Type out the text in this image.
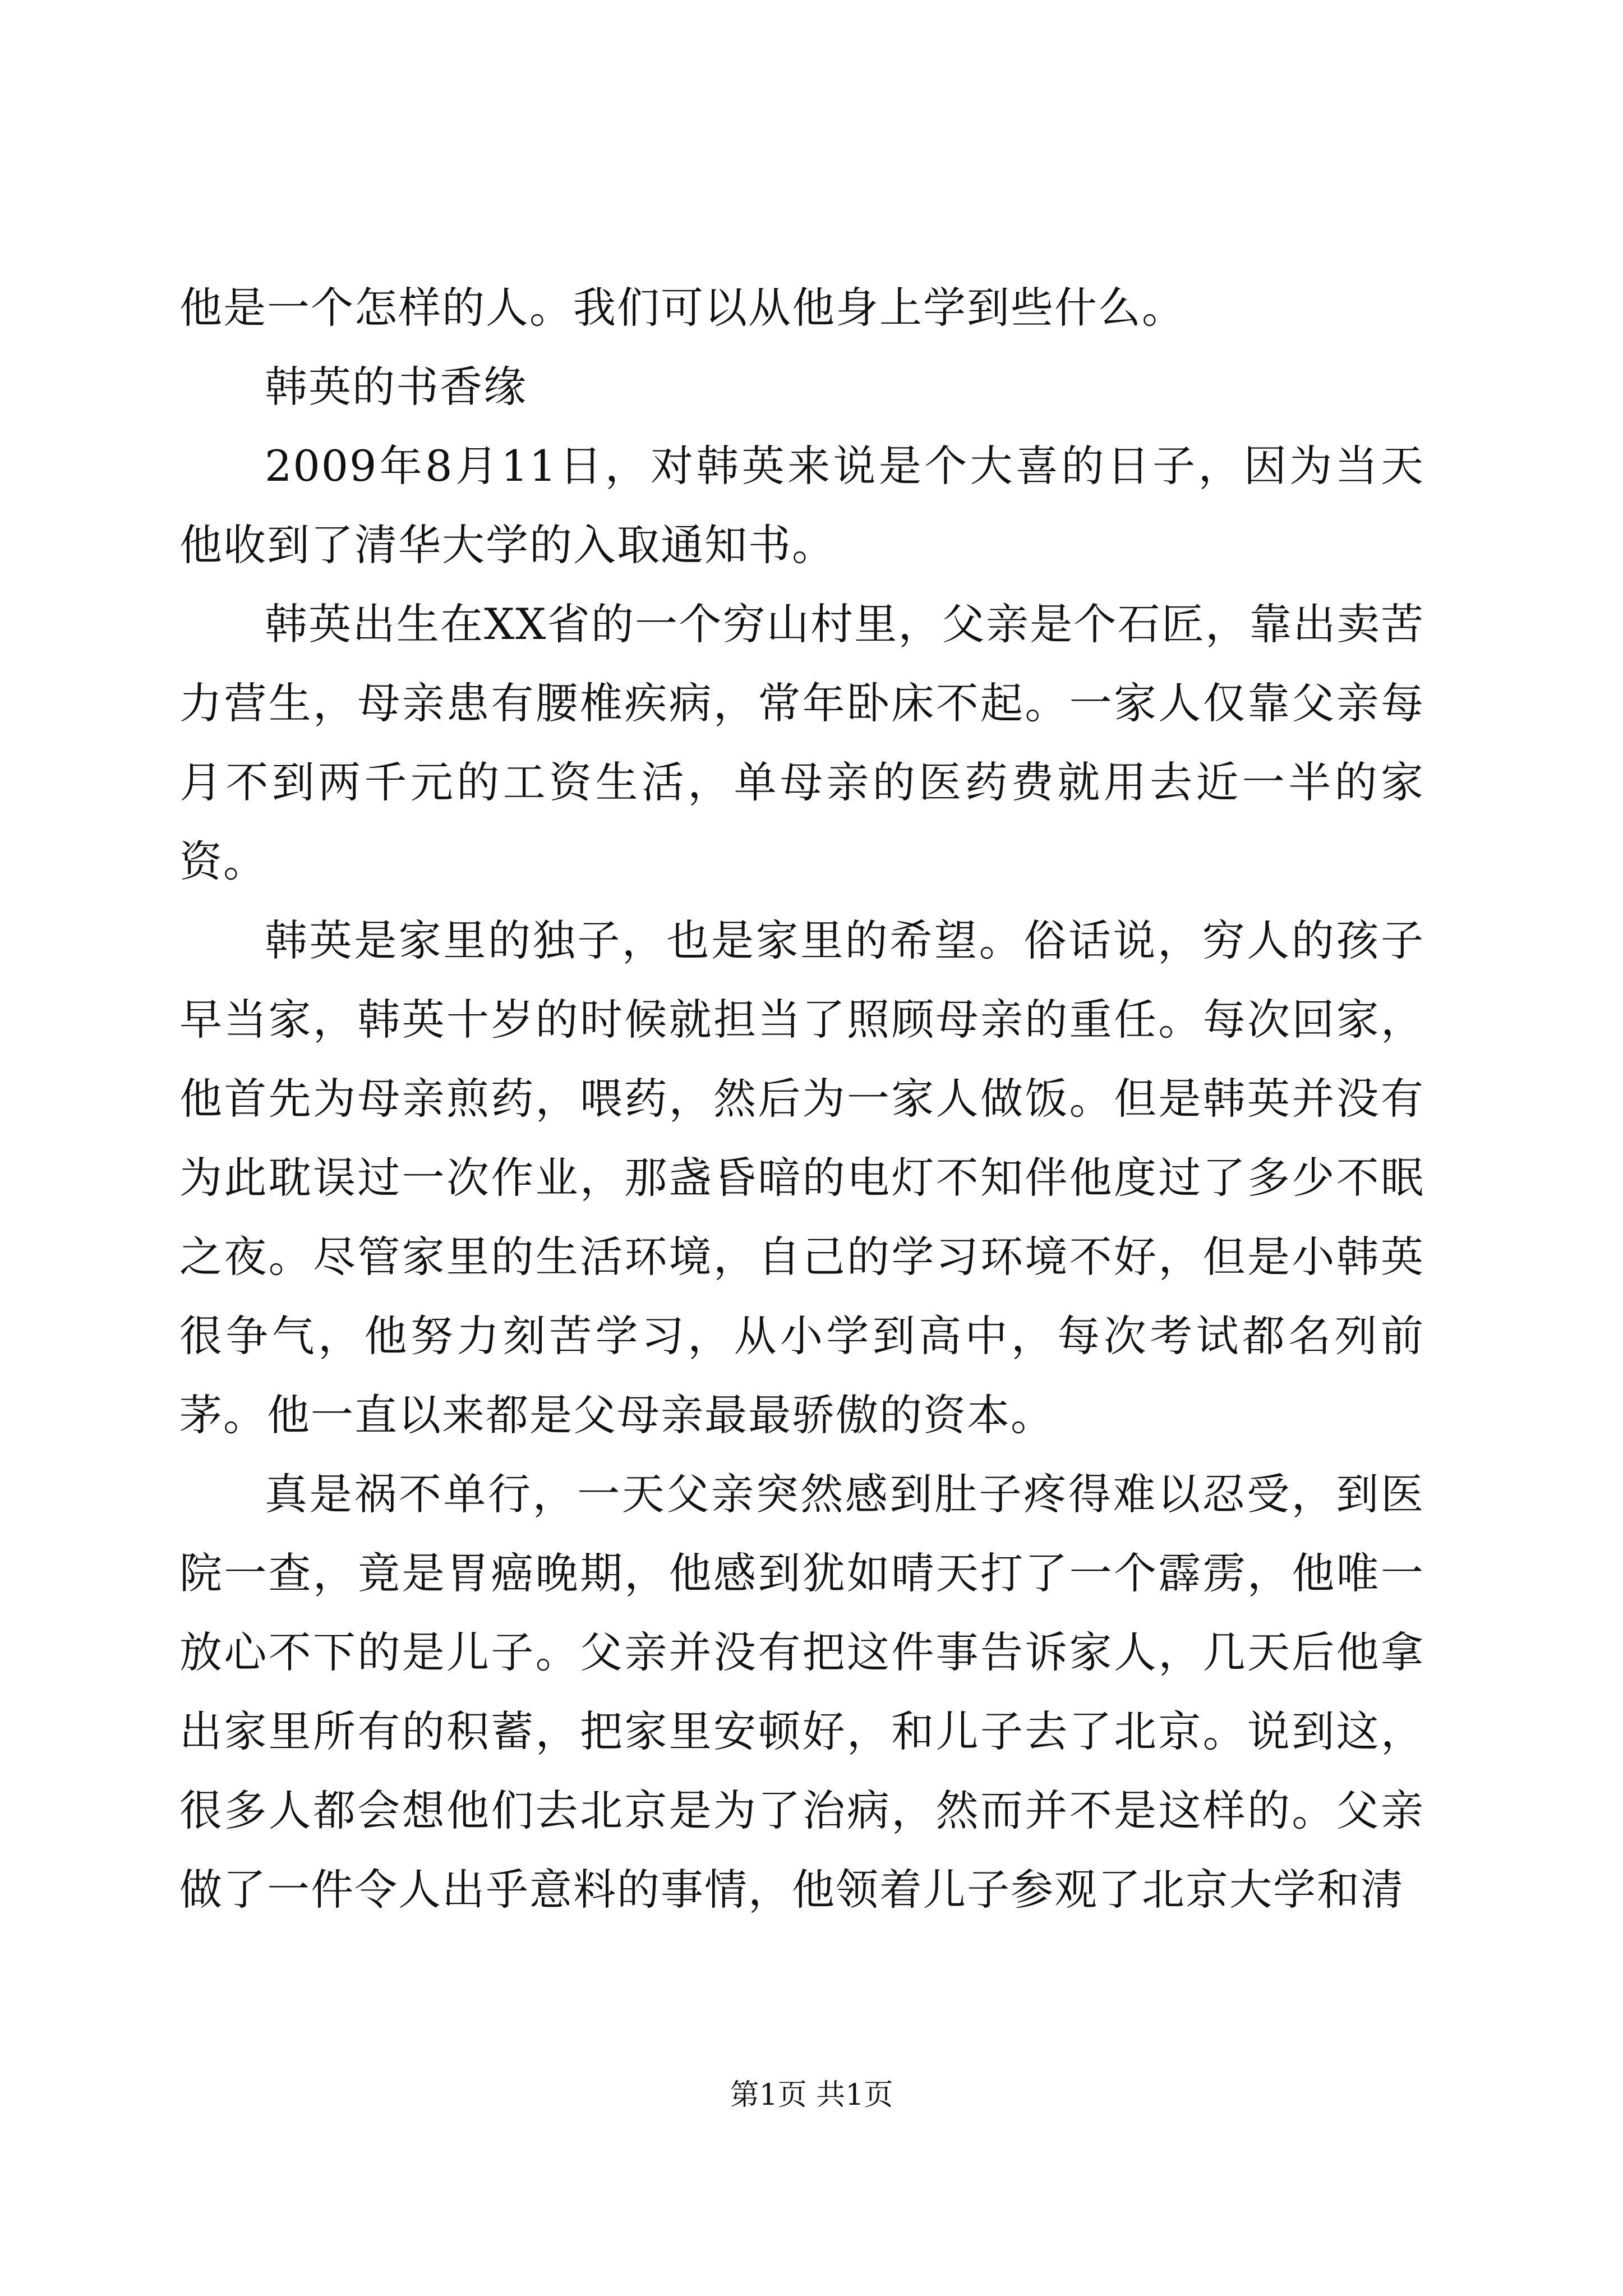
他是一个怎样的人。我们可以从他身上学到些什么。

韩英的书香缘

2009年8月11日，对韩英来说是个大喜的日子，因为当天他收到了清华大学的入取通知书。

韩英出生在XX省的一个穷山村里，父亲是个石匠，靠出卖苦力营生，母亲患有腰椎疾病，常年卧床不起。一家人仅靠父亲每月不到两千元的工资生活，单母亲的医药费就用去近一半的家资。

韩英是家里的独子，也是家里的希望。俗话说，穷人的孩子早当家，韩英十岁的时候就担当了照顾母亲的重任。每次回家，他首先为母亲煎药，喂药，然后为一家人做饭。但是韩英并没有为此耽误过一次作业，那盏昏暗的电灯不知伴他度过了多少不眠之夜。尽管家里的生活环境，自己的学习环境不好，但是小韩英很争气，他努力刻苦学习，从小学到高中，每次考试都名列前茅。他一直以来都是父母亲最最骄傲的资本。

真是祸不单行，一天父亲突然感到肚子疼得难以忍受，到医院一查，竟是胃癌晚期，他感到犹如晴天打了一个霹雳，他唯一放心不下的是儿子。父亲并没有把这件事告诉家人，几天后他拿出家里所有的积蓄，把家里安顿好，和儿子去了北京。说到这，很多人都会想他们去北京是为了治病，然而并不是这样的。父亲做了一件令人出乎意料的事情，他领着儿子参观了北京大学和清

第1页 共1页
